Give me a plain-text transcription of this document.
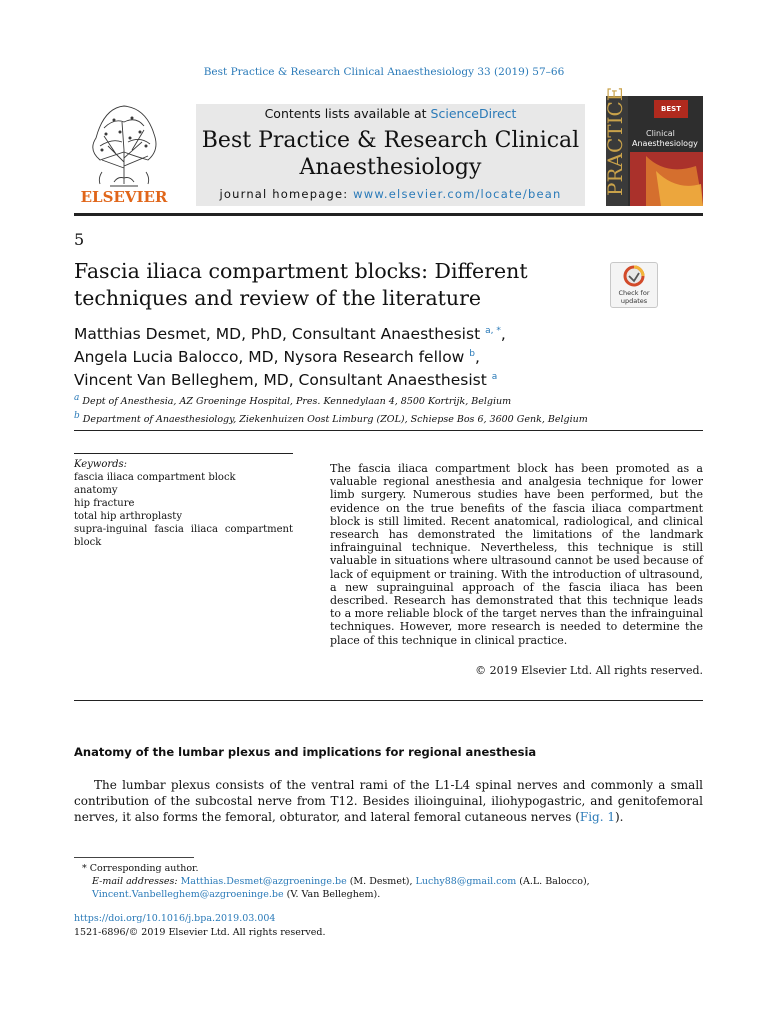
Best Practice & Research Clinical Anaesthesiology 33 (2019) 57–66
ELSEVIER
Contents lists available at ScienceDirect
Best Practice & Research Clinical
Anaesthesiology
journal homepage: www.elsevier.com/locate/bean	PRACTICE	BEST
Clinical
Anaesthesiology
5
Fascia iliaca compartment blocks: Different
techniques and review of the literature	Check for
updates
Matthias Desmet, MD, PhD, Consultant Anaesthesist $^{a, *}$,
Angela Lucia Balocco, MD, Nysora Research fellow $^b$,
Vincent Van Belleghem, MD, Consultant Anaesthesist $^a$
$^a$ Dept of Anesthesia, AZ Groeninge Hospital, Pres. Kennedylaan 4, 8500 Kortrijk, Belgium
$^b$ Department of Anaesthesiology, Ziekenhuizen Oost Limburg (ZOL), Schiepse Bos 6, 3600 Genk, Belgium
Keywords:
fascia iliaca compartment block
anatomy
hip fracture
total hip arthroplasty
supra-inguinal fascia iliaca compartment block
The fascia iliaca compartment block has been promoted as a valuable regional anesthesia and analgesia technique for lower limb surgery. Numerous studies have been performed, but the evidence on the true benefits of the fascia iliaca compartment block is still limited. Recent anatomical, radiological, and clinical research has demonstrated the limitations of the landmark infrainguinal technique. Nevertheless, this technique is still valuable in situations where ultrasound cannot be used because of lack of equipment or training. With the introduction of ultrasound, a new suprainguinal approach of the fascia iliaca has been described. Research has demonstrated that this technique leads to a more reliable block of the target nerves than the infrainguinal techniques. However, more research is needed to determine the place of this technique in clinical practice.
© 2019 Elsevier Ltd. All rights reserved.
Anatomy of the lumbar plexus and implications for regional anesthesia
The lumbar plexus consists of the ventral rami of the L1-L4 spinal nerves and commonly a small contribution of the subcostal nerve from T12. Besides ilioinguinal, iliohypogastric, and genitofemoral nerves, it also forms the femoral, obturator, and lateral femoral cutaneous nerves (Fig. 1).
* Corresponding author.
E-mail addresses: Matthias.Desmet@azgroeninge.be (M. Desmet), Luchy88@gmail.com (A.L. Balocco), Vincent.Vanbelleghem@azgroeninge.be (V. Van Belleghem).
https://doi.org/10.1016/j.bpa.2019.03.004
1521-6896/© 2019 Elsevier Ltd. All rights reserved.
